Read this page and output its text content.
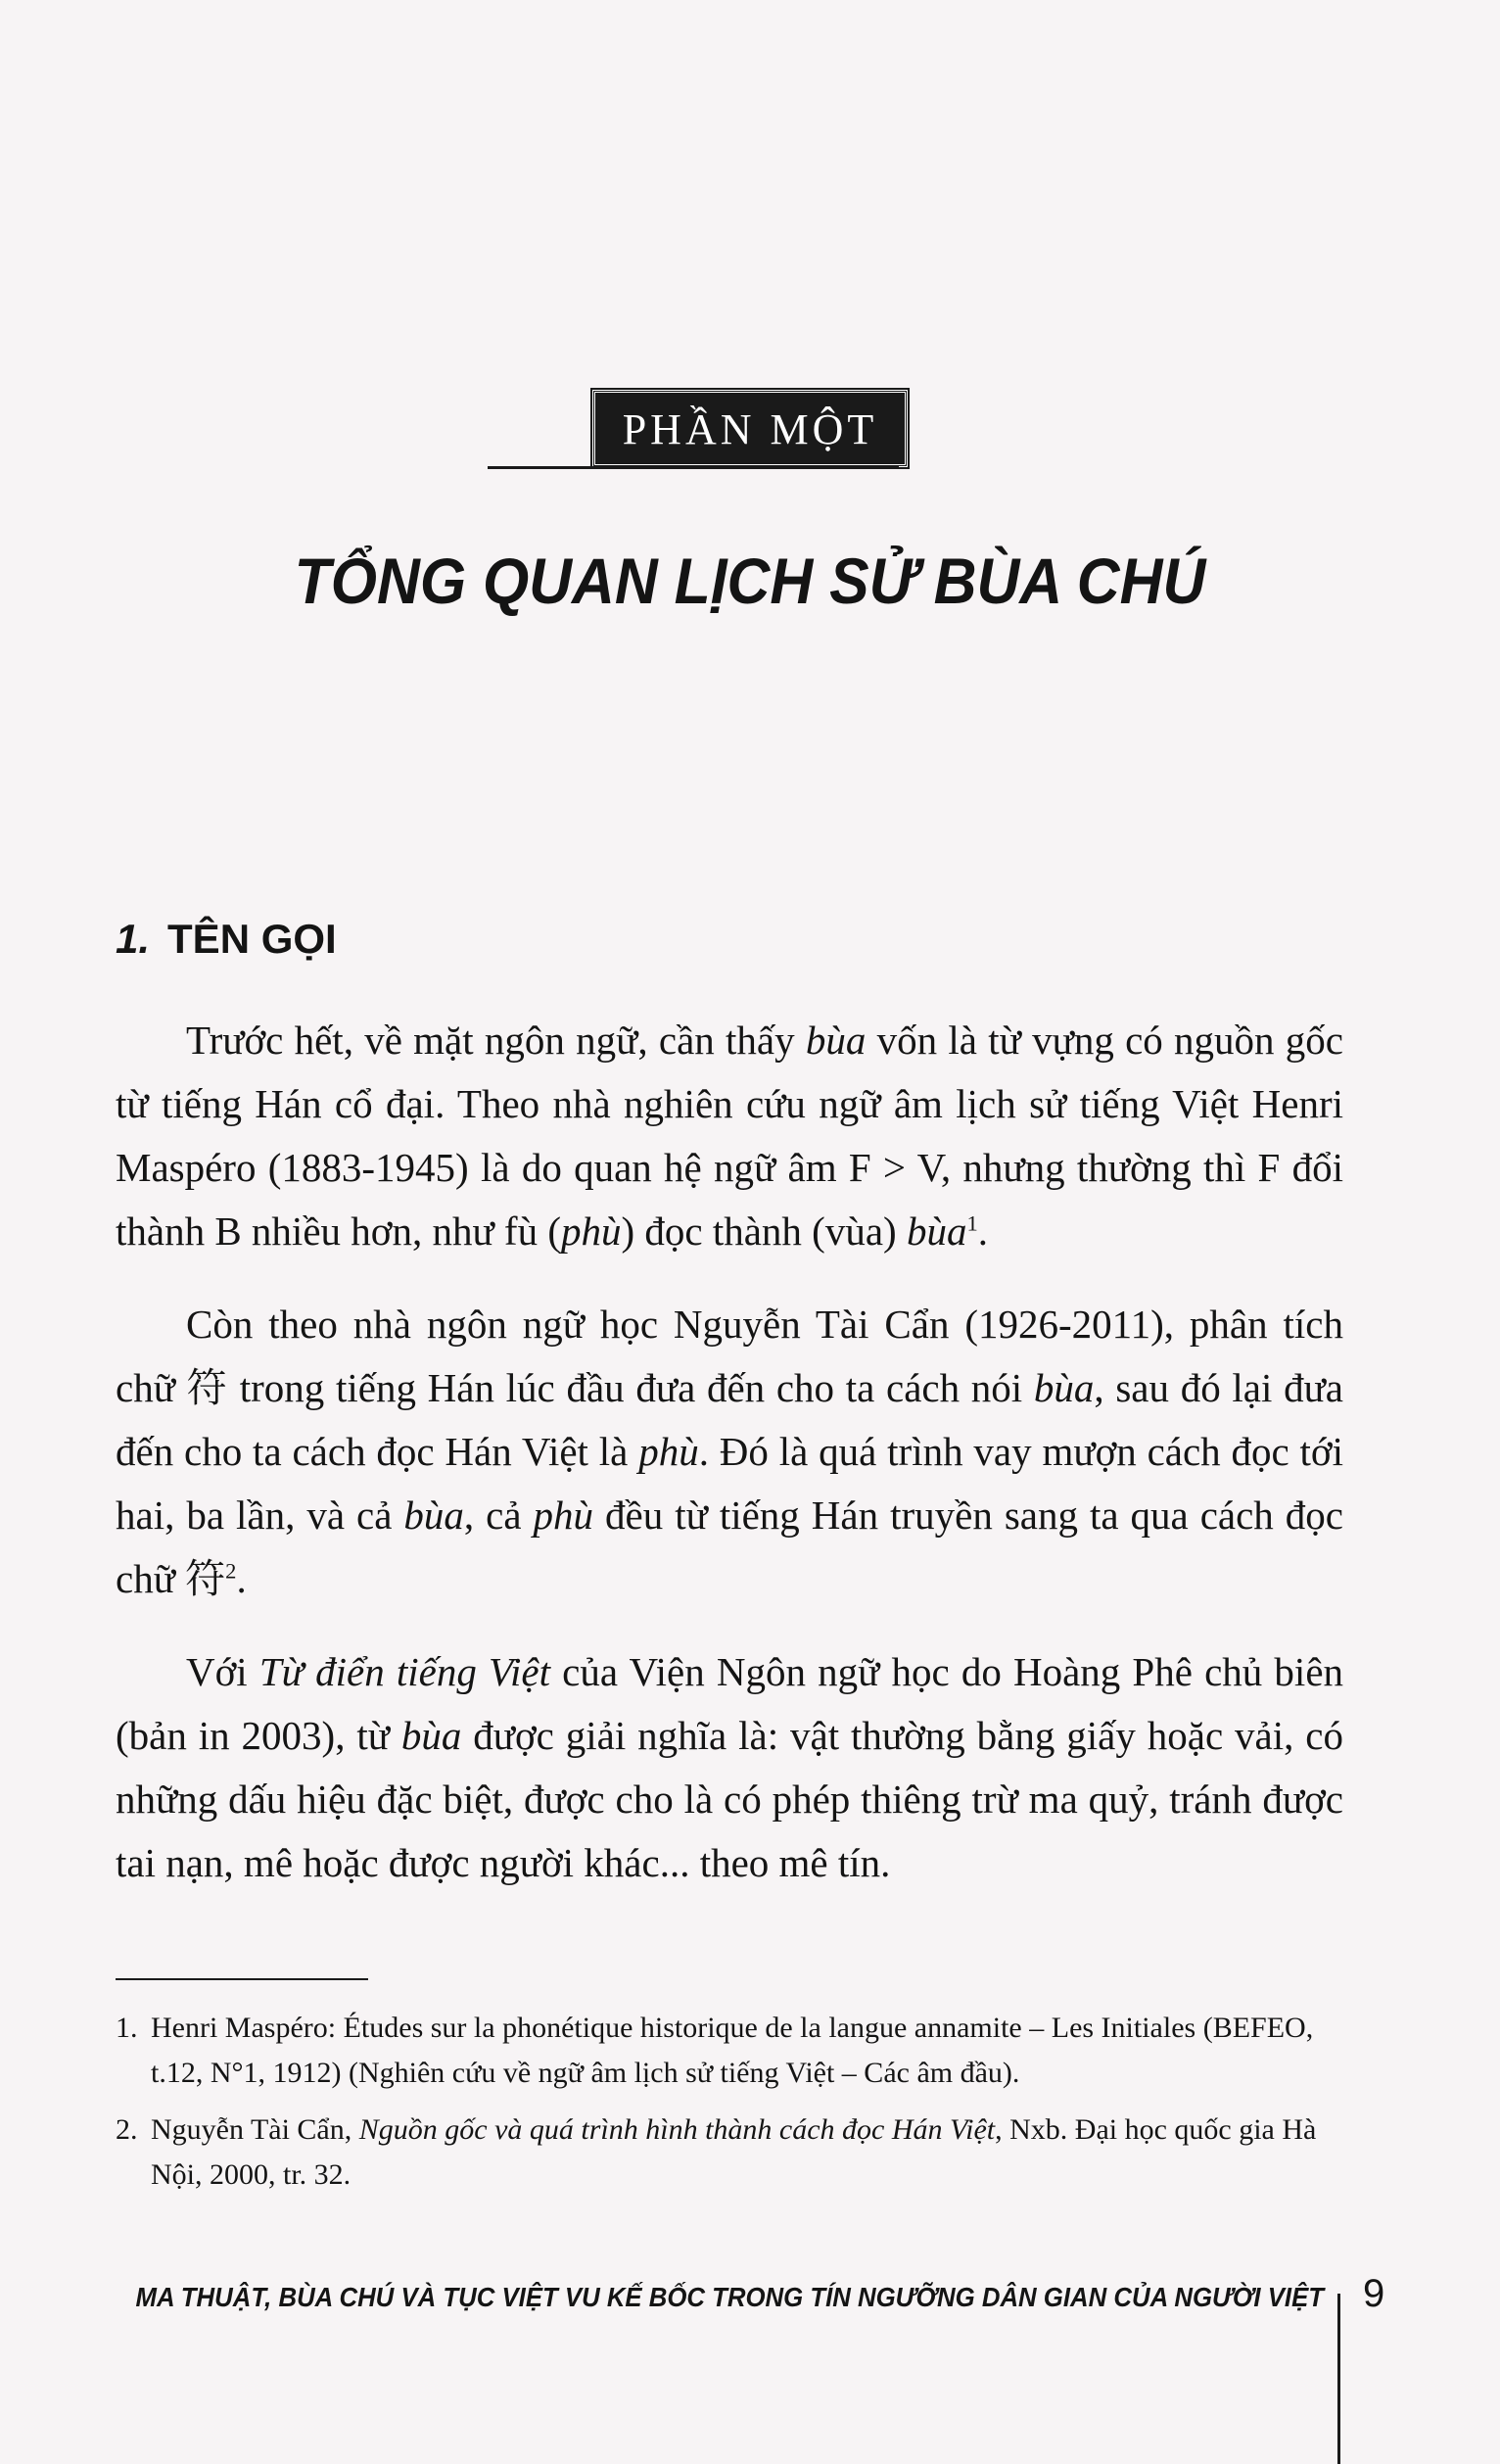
PHẦN MỘT
TỔNG QUAN LỊCH SỬ BÙA CHÚ
1. TÊN GỌI

Trước hết, về mặt ngôn ngữ, cần thấy bùa vốn là từ vựng có nguồn gốc từ tiếng Hán cổ đại. Theo nhà nghiên cứu ngữ âm lịch sử tiếng Việt Henri Maspéro (1883-1945) là do quan hệ ngữ âm F > V, nhưng thường thì F đổi thành B nhiều hơn, như fù (phù) đọc thành (vùa) bùa$^1$.

Còn theo nhà ngôn ngữ học Nguyễn Tài Cẩn (1926-2011), phân tích chữ 符 trong tiếng Hán lúc đầu đưa đến cho ta cách nói bùa, sau đó lại đưa đến cho ta cách đọc Hán Việt là phù. Đó là quá trình vay mượn cách đọc tới hai, ba lần, và cả bùa, cả phù đều từ tiếng Hán truyền sang ta qua cách đọc chữ 符$^2$.

Với Từ điển tiếng Việt của Viện Ngôn ngữ học do Hoàng Phê chủ biên (bản in 2003), từ bùa được giải nghĩa là: vật thường bằng giấy hoặc vải, có những dấu hiệu đặc biệt, được cho là có phép thiêng trừ ma quỷ, tránh được tai nạn, mê hoặc được người khác... theo mê tín.

1. Henri Maspéro: Études sur la phonétique historique de la langue annamite – Les Initiales (BEFEO, t.12, N°1, 1912) (Nghiên cứu về ngữ âm lịch sử tiếng Việt – Các âm đầu).
2. Nguyễn Tài Cẩn, Nguồn gốc và quá trình hình thành cách đọc Hán Việt, Nxb. Đại học quốc gia Hà Nội, 2000, tr. 32.
MA THUẬT, BÙA CHÚ VÀ TỤC VIỆT VU KẾ BỐC TRONG TÍN NGƯỠNG DÂN GIAN CỦA NGƯỜI VIỆT 9
